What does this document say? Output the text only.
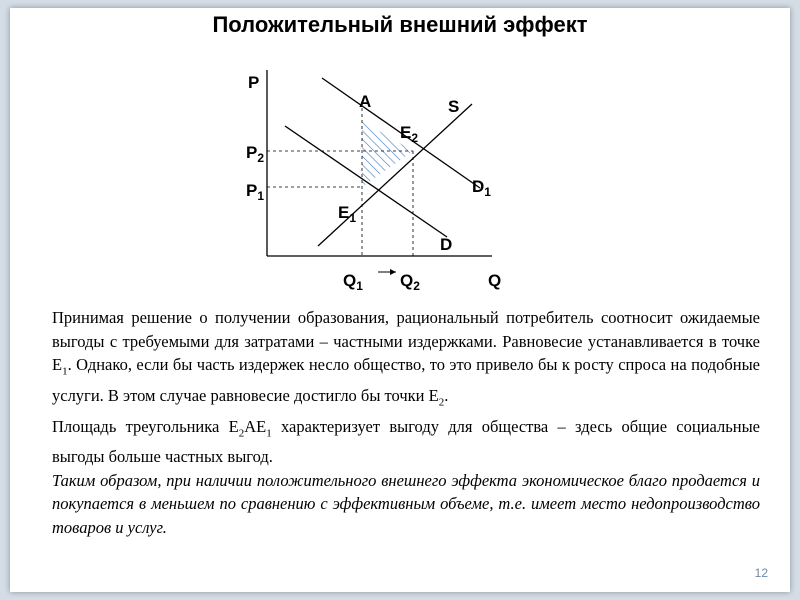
Положительный внешний эффект
P
Q
A	S
$E_2$
$P_2$
$P_1$	$D_1$
$E_1$
D
$Q_1$ $Q_2$

Принимая решение о получении образования, рациональный потребитель соотносит ожидаемые выгоды с требуемыми для затратами – частными издержками. Равновесие устанавливается в точке $Е_1$. Однако, если бы часть издержек несло общество, то это привело бы к росту спроса на подобные услуги. В этом случае равновесие достигло бы точки $Е_2$.

Площадь треугольника $Е_2АЕ_1$ характеризует выгоду для общества – здесь общие социальные выгоды больше частных выгод.

Таким образом, при наличии положительного внешнего эффекта экономическое благо продается и покупается в меньшем по сравнению с эффективным объеме, т.е. имеет место недопроизводство товаров и услуг.

12
